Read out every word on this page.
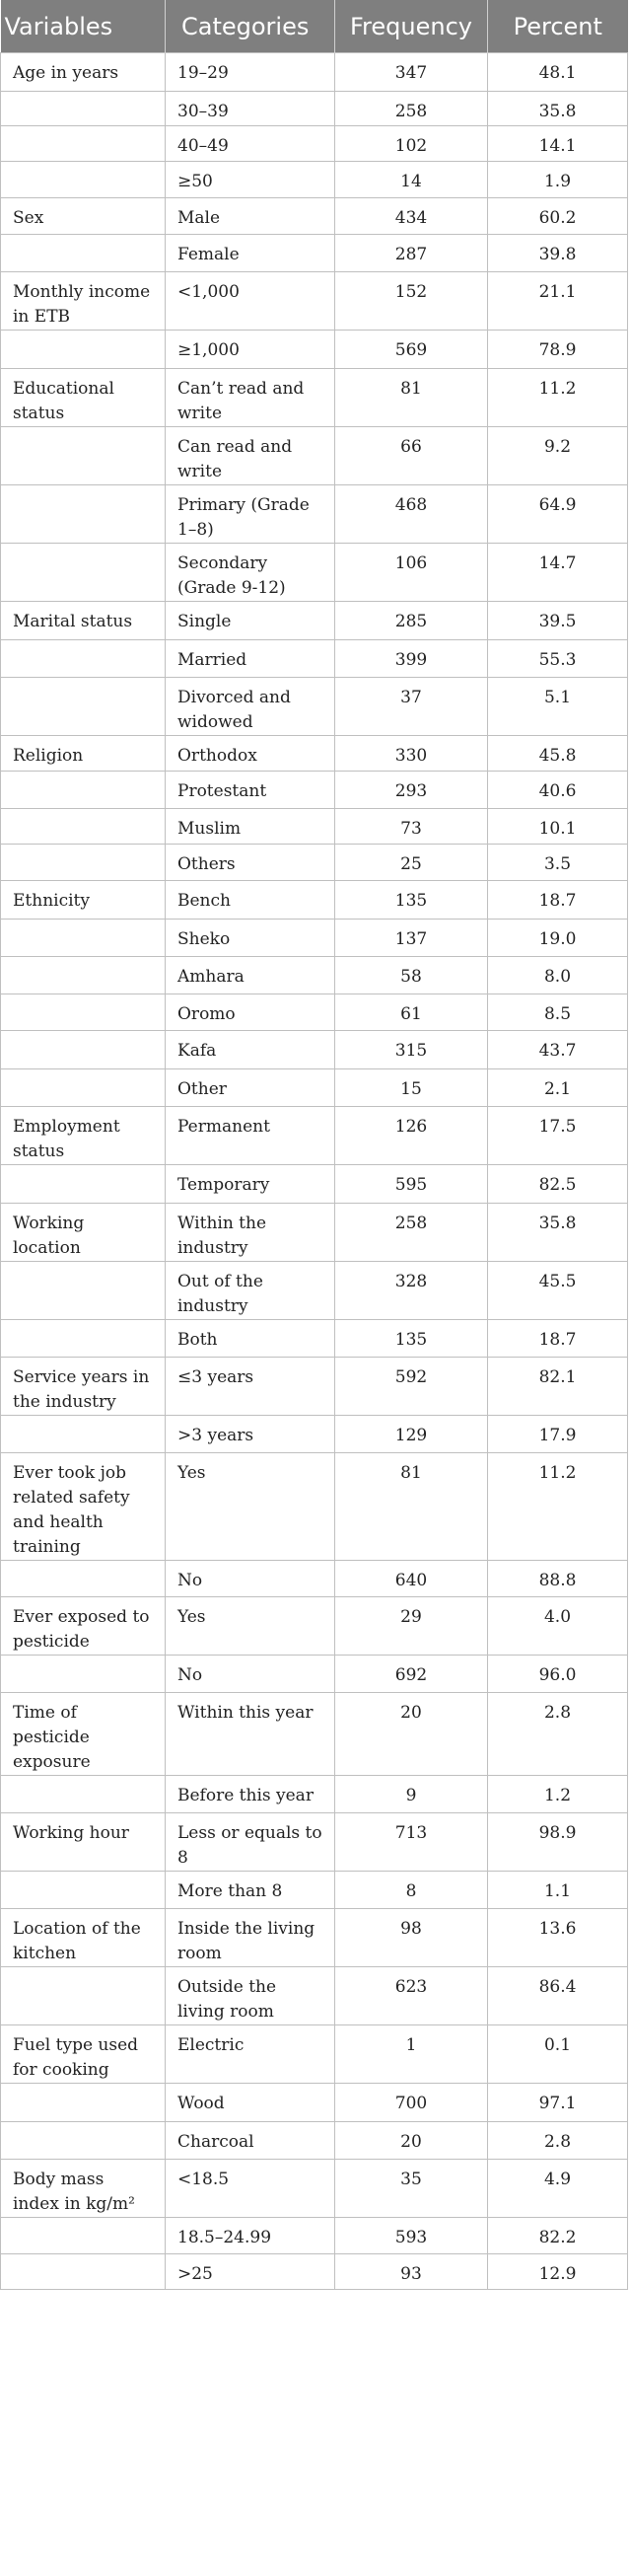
Variables	Categories	Frequency	Percent
Age in years	19–29	347	48.1
	30–39	258	35.8
	40–49	102	14.1
	≥50	14	1.9
Sex	Male	434	60.2
	Female	287	39.8
Monthly income in ETB	<1,000	152	21.1
	≥1,000	569	78.9
Educational status	Can’t read and write	81	11.2
	Can read and write	66	9.2
	Primary (Grade 1–8)	468	64.9
	Secondary (Grade 9-12)	106	14.7
Marital status	Single	285	39.5
	Married	399	55.3
	Divorced and widowed	37	5.1
Religion	Orthodox	330	45.8
	Protestant	293	40.6
	Muslim	73	10.1
	Others	25	3.5
Ethnicity	Bench	135	18.7
	Sheko	137	19.0
	Amhara	58	8.0
	Oromo	61	8.5
	Kafa	315	43.7
	Other	15	2.1
Employment status	Permanent	126	17.5
	Temporary	595	82.5
Working location	Within the industry	258	35.8
	Out of the industry	328	45.5
	Both	135	18.7
Service years in the industry	≤3 years	592	82.1
	>3 years	129	17.9
Ever took job related safety and health training	Yes	81	11.2
	No	640	88.8
Ever exposed to pesticide	Yes	29	4.0
	No	692	96.0
Time of pesticide exposure	Within this year	20	2.8
	Before this year	9	1.2
Working hour	Less or equals to 8	713	98.9
	More than 8	8	1.1
Location of the kitchen	Inside the living room	98	13.6
	Outside the living room	623	86.4
Fuel type used for cooking	Electric	1	0.1
	Wood	700	97.1
	Charcoal	20	2.8
Body mass index in kg/m²	<18.5	35	4.9
	18.5–24.99	593	82.2
	>25	93	12.9
